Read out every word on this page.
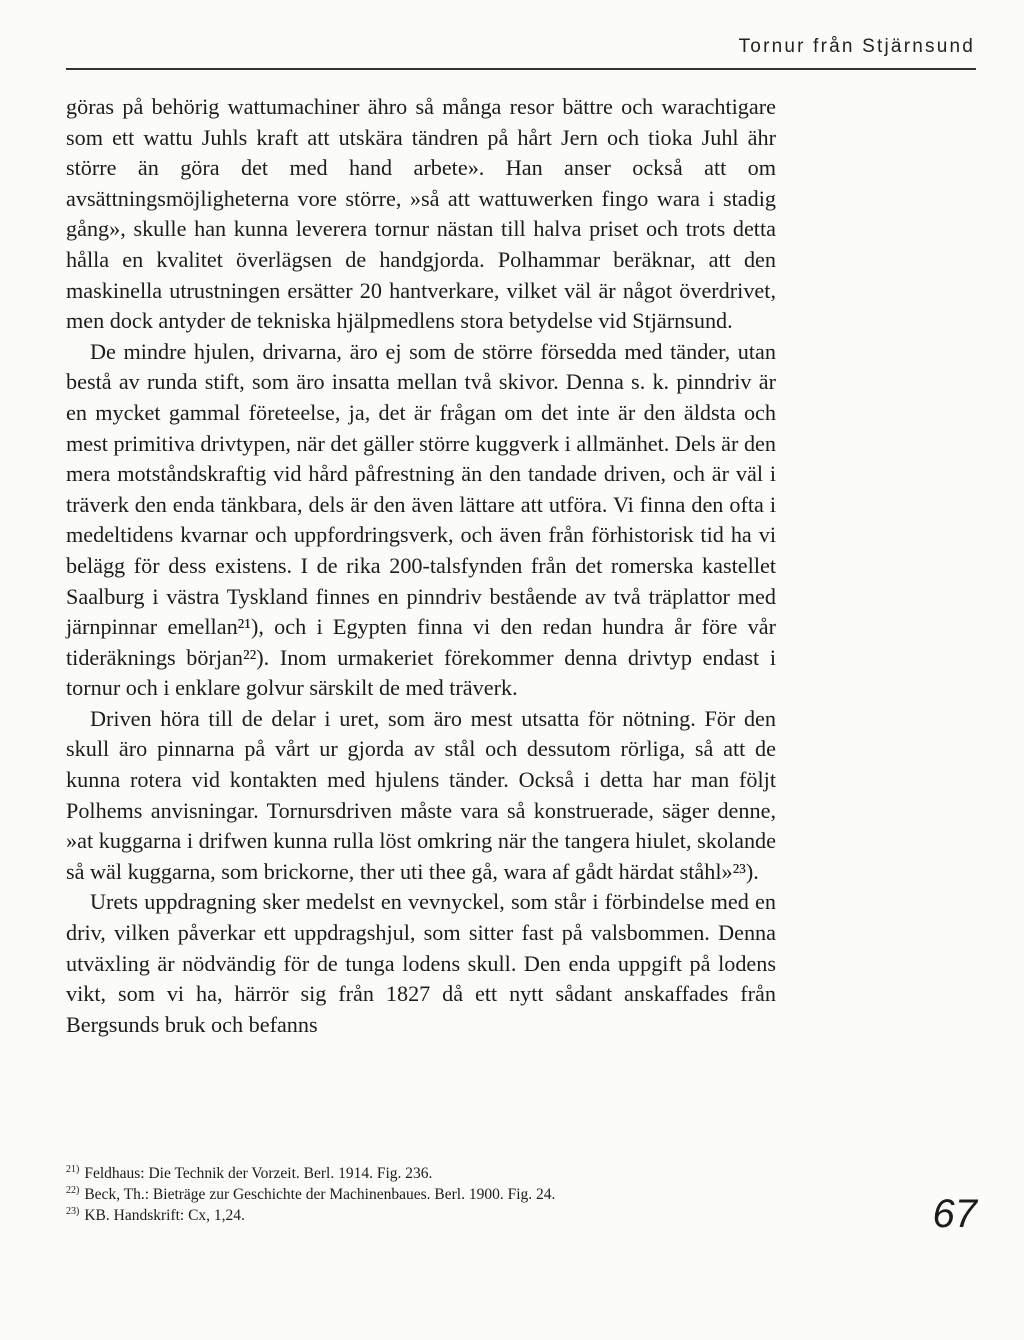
Tornur från Stjärnsund

göras på behörig wattumachiner ähro så många resor bättre och warachtigare som ett wattu Juhls kraft att utskära tändren på hårt Jern och tioka Juhl ähr större än göra det med hand arbete». Han anser också att om avsättningsmöjligheterna vore större, »så att wattuwerken fingo wara i stadig gång», skulle han kunna leverera tornur nästan till halva priset och trots detta hålla en kvalitet överlägsen de handgjorda. Polhammar beräknar, att den maskinella utrustningen ersätter 20 hantverkare, vilket väl är något överdrivet, men dock antyder de tekniska hjälpmedlens stora betydelse vid Stjärnsund.

De mindre hjulen, drivarna, äro ej som de större försedda med tänder, utan bestå av runda stift, som äro insatta mellan två skivor. Denna s. k. pinndriv är en mycket gammal företeelse, ja, det är frågan om det inte är den äldsta och mest primitiva drivtypen, när det gäller större kuggverk i allmänhet. Dels är den mera motståndskraftig vid hård påfrestning än den tandade driven, och är väl i träverk den enda tänkbara, dels är den även lättare att utföra. Vi finna den ofta i medeltidens kvarnar och uppfordringsverk, och även från förhistorisk tid ha vi belägg för dess existens. I de rika 200-talsfynden från det romerska kastellet Saalburg i västra Tyskland finnes en pinndriv bestående av två träplattor med järnpinnar emellan²¹), och i Egypten finna vi den redan hundra år före vår tideräknings början²²). Inom urmakeriet förekommer denna drivtyp endast i tornur och i enklare golvur särskilt de med träverk.

Driven höra till de delar i uret, som äro mest utsatta för nötning. För den skull äro pinnarna på vårt ur gjorda av stål och dessutom rörliga, så att de kunna rotera vid kontakten med hjulens tänder. Också i detta har man följt Polhems anvisningar. Tornursdriven måste vara så konstruerade, säger denne, »at kuggarna i drifwen kunna rulla löst omkring när the tangera hiulet, skolande så wäl kuggarna, som brickorne, ther uti thee gå, wara af gådt härdat ståhl»²³).

Urets uppdragning sker medelst en vevnyckel, som står i förbindelse med en driv, vilken påverkar ett uppdragshjul, som sitter fast på valsbommen. Denna utväxling är nödvändig för de tunga lodens skull. Den enda uppgift på lodens vikt, som vi ha, härrör sig från 1827 då ett nytt sådant anskaffades från Bergsunds bruk och befanns

$^{21)}$ Feldhaus: Die Technik der Vorzeit. Berl. 1914. Fig. 236.
$^{22)}$ Beck, Th.: Bieträge zur Geschichte der Machinenbaues. Berl. 1900. Fig. 24.
$^{23)}$ KB. Handskrift: Cx, 1,24.	67
